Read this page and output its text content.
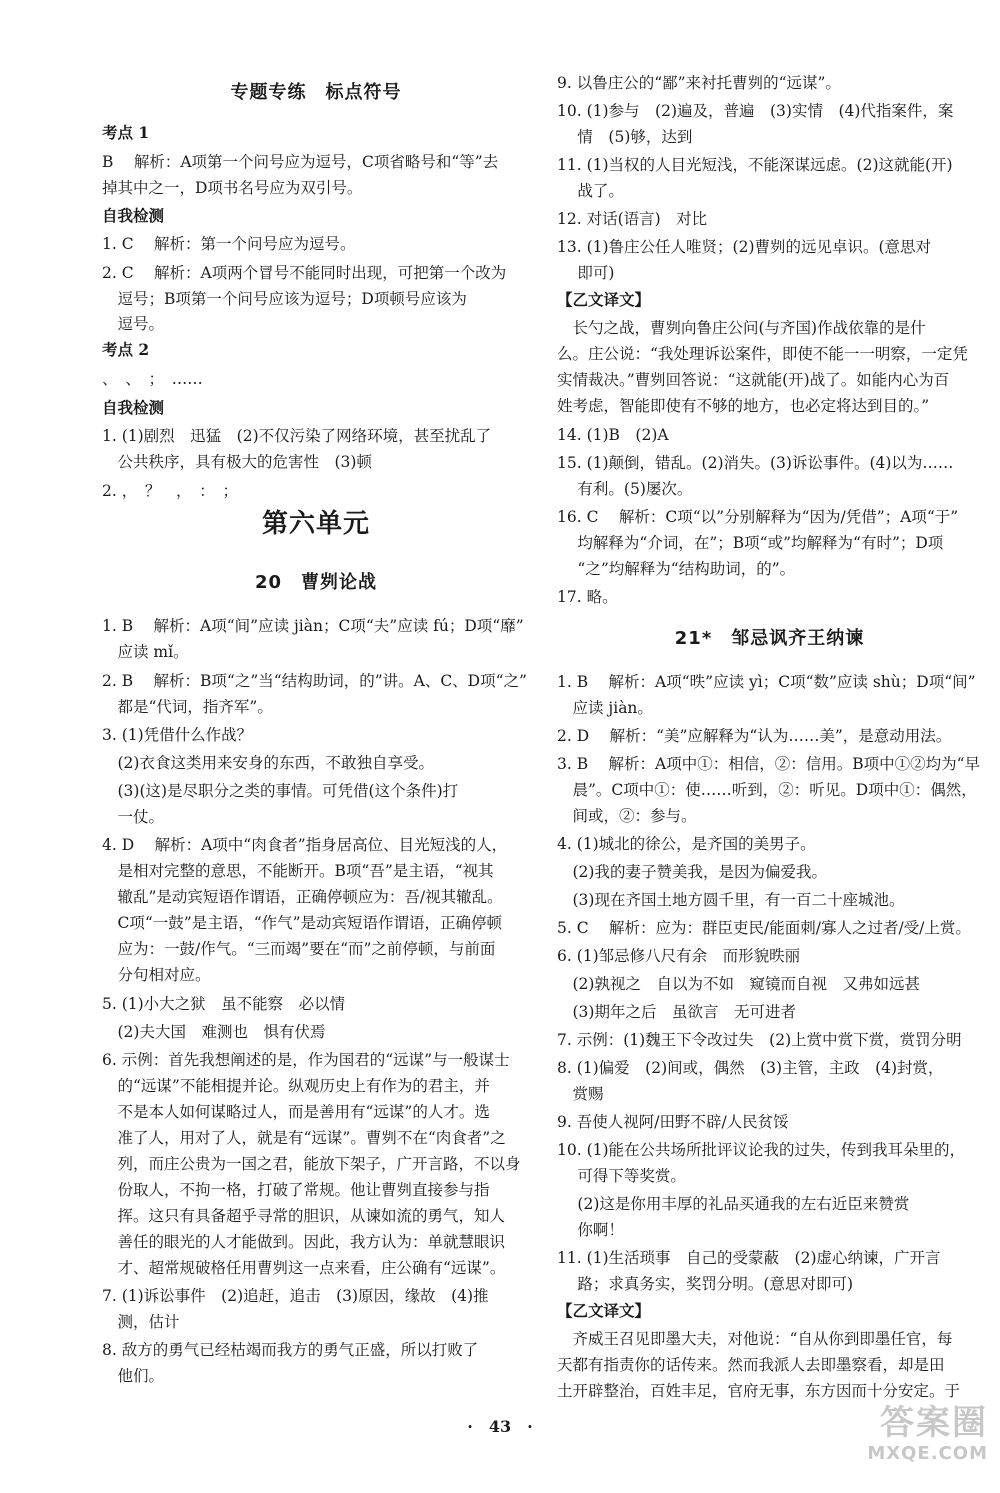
专题专练　标点符号
考点 1
B　 解析：A项第一个问号应为逗号，C项省略号和“等”去
掉其中之一，D项书名号应为双引号。
自我检测
1. C　 解析：第一个问号应为逗号。
2. C　 解析：A项两个冒号不能同时出现，可把第一个改为
　逗号；B项第一个问号应该为逗号；D项顿号应该为
　逗号。
考点 2
、　、　；　……
自我检测
1. (1)剧烈　迅猛　(2)不仅污染了网络环境，甚至扰乱了
　公共秩序，具有极大的危害性　(3)顿
2. ，　？　，　：　；
第六单元
20　曹刿论战
1. B　 解析：A项“间”应读 jiàn；C项“夫”应读 fú；D项“靡”
　应读 mǐ。
2. B　 解析：B项“之”当“结构助词，的”讲。A、C、D项“之”
　都是“代词，指齐军”。
3. (1)凭借什么作战？
　(2)衣食这类用来安身的东西，不敢独自享受。
　(3)(这)是尽职分之类的事情。可凭借(这个条件)打
　一仗。
4. D　 解析：A项中“肉食者”指身居高位、目光短浅的人，
　是相对完整的意思，不能断开。B项“吾”是主语，“视其
　辙乱”是动宾短语作谓语，正确停顿应为：吾/视其辙乱。
　C项“一鼓”是主语，“作气”是动宾短语作谓语，正确停顿
　应为：一鼓/作气。“三而竭”要在“而”之前停顿，与前面
　分句相对应。
5. (1)小大之狱　虽不能察　必以情
　(2)夫大国　难测也　惧有伏焉
6. 示例：首先我想阐述的是，作为国君的“远谋”与一般谋士
　的“远谋”不能相提并论。纵观历史上有作为的君主，并
　不是本人如何谋略过人，而是善用有“远谋”的人才。选
　准了人，用对了人，就是有“远谋”。曹刿不在“肉食者”之
　列，而庄公贵为一国之君，能放下架子，广开言路，不以身
　份取人，不拘一格，打破了常规。他让曹刿直接参与指
　挥。这只有具备超乎寻常的胆识，从谏如流的勇气，知人
　善任的眼光的人才能做到。因此，我方认为：单就慧眼识
　才、超常规破格任用曹刿这一点来看，庄公确有“远谋”。
7. (1)诉讼事件　(2)追赶，追击　(3)原因，缘故　(4)推
　测，估计
8. 敌方的勇气已经枯竭而我方的勇气正盛，所以打败了
　他们。
9. 以鲁庄公的“鄙”来衬托曹刿的“远谋”。
10. (1)参与　(2)遍及，普遍　(3)实情　(4)代指案件，案
　 情　(5)够，达到
11. (1)当权的人目光短浅，不能深谋远虑。(2)这就能(开)
　 战了。
12. 对话(语言)　对比
13. (1)鲁庄公任人唯贤；(2)曹刿的远见卓识。(意思对
　 即可)
【乙文译文】
　长勺之战，曹刿向鲁庄公问(与齐国)作战依靠的是什
么。庄公说：“我处理诉讼案件，即使不能一一明察，一定凭
实情裁决。”曹刿回答说：“这就能(开)战了。如能内心为百
姓考虑，智能即使有不够的地方，也必定将达到目的。”
14. (1)B　(2)A
15. (1)颠倒，错乱。(2)消失。(3)诉讼事件。(4)以为……
　 有利。(5)屡次。
16. C　 解析：C项“以”分别解释为“因为/凭借”；A项“于”
　 均解释为“介词，在”；B项“或”均解释为“有时”；D项
　 “之”均解释为“结构助词，的”。
17. 略。
21*　邹忌讽齐王纳谏
1. B　 解析：A项“昳”应读 yì；C项“数”应读 shù；D项“间”
　应读 jiàn。
2. D　 解析：“美”应解释为“认为……美”，是意动用法。
3. B　 解析：A项中①：相信，②：信用。B项中①②均为“早
　晨”。C项中①：使……听到，②：听见。D项中①：偶然，
　间或，②：参与。
4. (1)城北的徐公，是齐国的美男子。
　(2)我的妻子赞美我，是因为偏爱我。
　(3)现在齐国土地方圆千里，有一百二十座城池。
5. C　 解析：应为：群臣吏民/能面刺/寡人之过者/受/上赏。
6. (1)邹忌修八尺有余　而形貌昳丽
　(2)孰视之　自以为不如　窥镜而自视　又弗如远甚
　(3)期年之后　虽欲言　无可进者
7. 示例：(1)魏王下令改过失　(2)上赏中赏下赏，赏罚分明
8. (1)偏爱　(2)间或，偶然　(3)主管，主政　(4)封赏，
　赏赐
9. 吾使人视阿/田野不辟/人民贫馁
10. (1)能在公共场所批评议论我的过失，传到我耳朵里的，
　 可得下等奖赏。
　 (2)这是你用丰厚的礼品买通我的左右近臣来赞赏
　 你啊！
11. (1)生活琐事　自己的受蒙蔽　(2)虚心纳谏，广开言
　 路；求真务实，奖罚分明。(意思对即可)
【乙文译文】
　齐威王召见即墨大夫，对他说：“自从你到即墨任官，每
天都有指责你的话传来。然而我派人去即墨察看，却是田
土开辟整治，百姓丰足，官府无事，东方因而十分安定。于
·　43　·	答案圈
MXQE.COM
